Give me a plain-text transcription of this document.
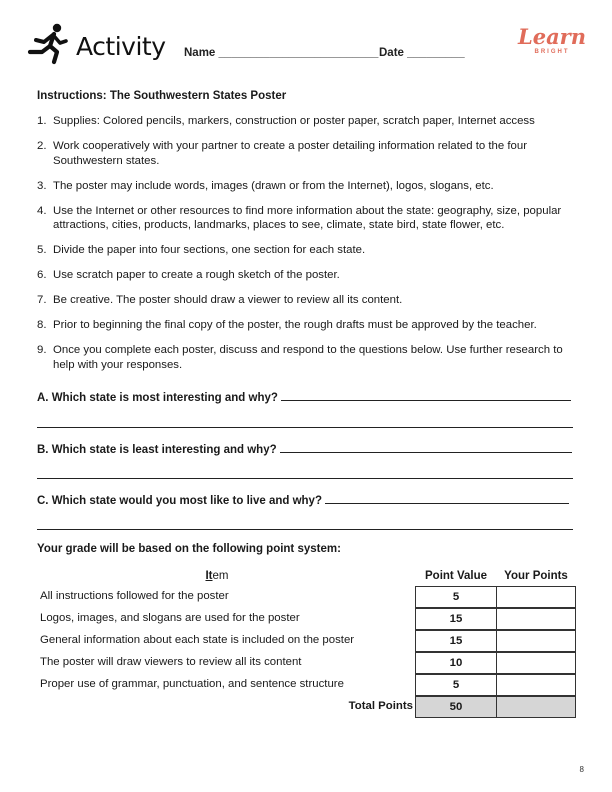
Activity Name _________________________ Date _________
Learn
BRIGHT
Instructions: The Southwestern States Poster
1. Supplies: Colored pencils, markers, construction or poster paper, scratch paper, Internet access
2. Work cooperatively with your partner to create a poster detailing information related to the four Southwestern states.
3. The poster may include words, images (drawn or from the Internet), logos, slogans, etc.
4. Use the Internet or other resources to find more information about the state: geography, size, popular attractions, cities, products, landmarks, places to see, climate, state bird, state flower, etc.
5. Divide the paper into four sections, one section for each state.
6. Use scratch paper to create a rough sketch of the poster.
7. Be creative. The poster should draw a viewer to review all its content.
8. Prior to beginning the final copy of the poster, the rough drafts must be approved by the teacher.
9. Once you complete each poster, discuss and respond to the questions below. Use further research to help with your responses.
A. Which state is most interesting and why?
B. Which state is least interesting and why?
C. Which state would you most like to live and why?
Your grade will be based on the following point system:
Item	Point Value	Your Points
All instructions followed for the poster	5
Logos, images, and slogans are used for the poster	15
General information about each state is included on the poster	15
The poster will draw viewers to review all its content	10
Proper use of grammar, punctuation, and sentence structure	5
Total Points	50
8
